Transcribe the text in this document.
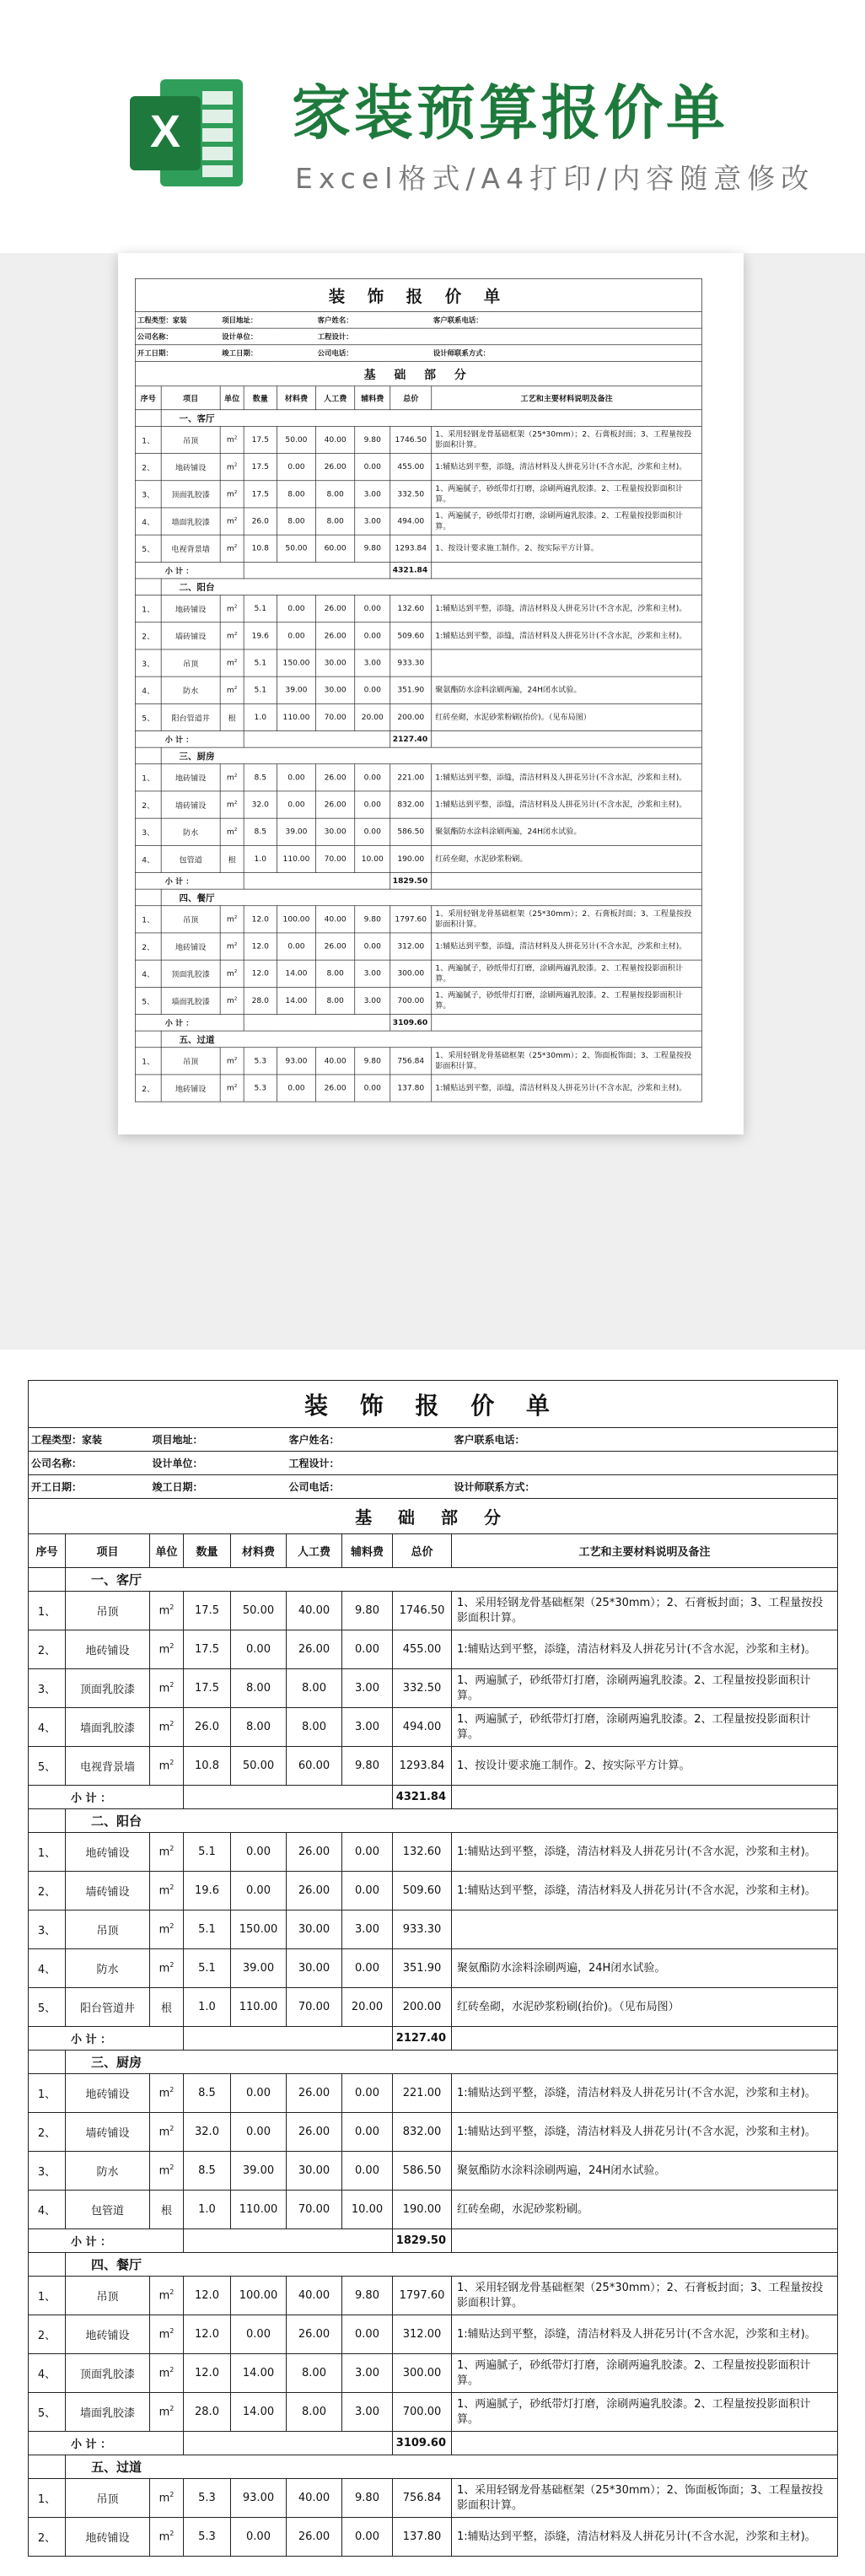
X 家装预算报价单
Excel格式/A4打印/内容随意修改
装 饰 报 价 单								
工程类型：家装		项目地址：			客户姓名：			客户联系电话：
公司名称：		设计单位：			工程设计：			
开工日期：		竣工日期：			公司电话：			设计师联系方式：
基 础 部 分								
序号	项目	单位	数量	材料费	人工费	辅料费	总价	工艺和主要材料说明及备注
	一、客厅							
1、	吊顶	$m^2$	17.5	50.00	40.00	9.80	1746.50	1、采用轻钢龙骨基础框架（25*30mm）；2、石膏板封面；3、工程量按投影面积计算。
2、	地砖铺设	$m^2$	17.5	0.00	26.00	0.00	455.00	1:辅贴达到平整，添缝，清洁材料及人拼花另计(不含水泥，沙浆和主材)。
3、	顶面乳胶漆	$m^2$	17.5	8.00	8.00	3.00	332.50	1、两遍腻子，砂纸带灯打磨，涂刷两遍乳胶漆。2、工程量按投影面积计算。
4、	墙面乳胶漆	$m^2$	26.0	8.00	8.00	3.00	494.00	1、两遍腻子，砂纸带灯打磨，涂刷两遍乳胶漆。2、工程量按投影面积计算。
5、	电视背景墙	$m^2$	10.8	50.00	60.00	9.80	1293.84	1、按设计要求施工制作。2、按实际平方计算。
小 计 ：							4321.84	
	二、阳台							
1、	地砖铺设	$m^2$	5.1	0.00	26.00	0.00	132.60	1:辅贴达到平整，添缝，清洁材料及人拼花另计(不含水泥，沙浆和主材)。
2、	墙砖铺设	$m^2$	19.6	0.00	26.00	0.00	509.60	1:辅贴达到平整，添缝，清洁材料及人拼花另计(不含水泥，沙浆和主材)。
3、	吊顶	$m^2$	5.1	150.00	30.00	3.00	933.30	
4、	防水	$m^2$	5.1	39.00	30.00	0.00	351.90	聚氨酯防水涂料涂刷两遍，24H闭水试验。
5、	阳台管道井	根	1.0	110.00	70.00	20.00	200.00	红砖垒砌，水泥砂浆粉刷(抬价)。（见布局图）
小 计 ：							2127.40	
	三、厨房							
1、	地砖铺设	$m^2$	8.5	0.00	26.00	0.00	221.00	1:辅贴达到平整，添缝，清洁材料及人拼花另计(不含水泥，沙浆和主材)。
2、	墙砖铺设	$m^2$	32.0	0.00	26.00	0.00	832.00	1:辅贴达到平整，添缝，清洁材料及人拼花另计(不含水泥，沙浆和主材)。
3、	防水	$m^2$	8.5	39.00	30.00	0.00	586.50	聚氨酯防水涂料涂刷两遍，24H闭水试验。
4、	包管道	根	1.0	110.00	70.00	10.00	190.00	红砖垒砌，水泥砂浆粉刷。
小 计 ：							1829.50	
	四、餐厅							
1、	吊顶	$m^2$	12.0	100.00	40.00	9.80	1797.60	1、采用轻钢龙骨基础框架（25*30mm）；2、石膏板封面；3、工程量按投影面积计算。
2、	地砖铺设	$m^2$	12.0	0.00	26.00	0.00	312.00	1:辅贴达到平整，添缝，清洁材料及人拼花另计(不含水泥，沙浆和主材)。
4、	顶面乳胶漆	$m^2$	12.0	14.00	8.00	3.00	300.00	1、两遍腻子，砂纸带灯打磨，涂刷两遍乳胶漆。2、工程量按投影面积计算。
5、	墙面乳胶漆	$m^2$	28.0	14.00	8.00	3.00	700.00	1、两遍腻子，砂纸带灯打磨，涂刷两遍乳胶漆。2、工程量按投影面积计算。
小 计 ：							3109.60	
	五、过道							
1、	吊顶	$m^2$	5.3	93.00	40.00	9.80	756.84	1、采用轻钢龙骨基础框架（25*30mm）；2、饰面板饰面；3、工程量按投影面积计算。
2、	地砖铺设	$m^2$	5.3	0.00	26.00	0.00	137.80	1:辅贴达到平整，添缝，清洁材料及人拼花另计(不含水泥，沙浆和主材)。
装 饰 报 价 单								
工程类型：家装		项目地址：			客户姓名：			客户联系电话：
公司名称：		设计单位：			工程设计：			
开工日期：		竣工日期：			公司电话：			设计师联系方式：
基 础 部 分								
序号	项目	单位	数量	材料费	人工费	辅料费	总价	工艺和主要材料说明及备注
	一、客厅							
1、	吊顶	$m^2$	17.5	50.00	40.00	9.80	1746.50	1、采用轻钢龙骨基础框架（25*30mm）；2、石膏板封面；3、工程量按投影面积计算。
2、	地砖铺设	$m^2$	17.5	0.00	26.00	0.00	455.00	1:辅贴达到平整，添缝，清洁材料及人拼花另计(不含水泥，沙浆和主材)。
3、	顶面乳胶漆	$m^2$	17.5	8.00	8.00	3.00	332.50	1、两遍腻子，砂纸带灯打磨，涂刷两遍乳胶漆。2、工程量按投影面积计算。
4、	墙面乳胶漆	$m^2$	26.0	8.00	8.00	3.00	494.00	1、两遍腻子，砂纸带灯打磨，涂刷两遍乳胶漆。2、工程量按投影面积计算。
5、	电视背景墙	$m^2$	10.8	50.00	60.00	9.80	1293.84	1、按设计要求施工制作。2、按实际平方计算。
小 计 ：							4321.84	
	二、阳台							
1、	地砖铺设	$m^2$	5.1	0.00	26.00	0.00	132.60	1:辅贴达到平整，添缝，清洁材料及人拼花另计(不含水泥，沙浆和主材)。
2、	墙砖铺设	$m^2$	19.6	0.00	26.00	0.00	509.60	1:辅贴达到平整，添缝，清洁材料及人拼花另计(不含水泥，沙浆和主材)。
3、	吊顶	$m^2$	5.1	150.00	30.00	3.00	933.30	
4、	防水	$m^2$	5.1	39.00	30.00	0.00	351.90	聚氨酯防水涂料涂刷两遍，24H闭水试验。
5、	阳台管道井	根	1.0	110.00	70.00	20.00	200.00	红砖垒砌，水泥砂浆粉刷(抬价)。（见布局图）
小 计 ：							2127.40	
	三、厨房							
1、	地砖铺设	$m^2$	8.5	0.00	26.00	0.00	221.00	1:辅贴达到平整，添缝，清洁材料及人拼花另计(不含水泥，沙浆和主材)。
2、	墙砖铺设	$m^2$	32.0	0.00	26.00	0.00	832.00	1:辅贴达到平整，添缝，清洁材料及人拼花另计(不含水泥，沙浆和主材)。
3、	防水	$m^2$	8.5	39.00	30.00	0.00	586.50	聚氨酯防水涂料涂刷两遍，24H闭水试验。
4、	包管道	根	1.0	110.00	70.00	10.00	190.00	红砖垒砌，水泥砂浆粉刷。
小 计 ：							1829.50	
	四、餐厅							
1、	吊顶	$m^2$	12.0	100.00	40.00	9.80	1797.60	1、采用轻钢龙骨基础框架（25*30mm）；2、石膏板封面；3、工程量按投影面积计算。
2、	地砖铺设	$m^2$	12.0	0.00	26.00	0.00	312.00	1:辅贴达到平整，添缝，清洁材料及人拼花另计(不含水泥，沙浆和主材)。
4、	顶面乳胶漆	$m^2$	12.0	14.00	8.00	3.00	300.00	1、两遍腻子，砂纸带灯打磨，涂刷两遍乳胶漆。2、工程量按投影面积计算。
5、	墙面乳胶漆	$m^2$	28.0	14.00	8.00	3.00	700.00	1、两遍腻子，砂纸带灯打磨，涂刷两遍乳胶漆。2、工程量按投影面积计算。
小 计 ：							3109.60	
	五、过道							
1、	吊顶	$m^2$	5.3	93.00	40.00	9.80	756.84	1、采用轻钢龙骨基础框架（25*30mm）；2、饰面板饰面；3、工程量按投影面积计算。
2、	地砖铺设	$m^2$	5.3	0.00	26.00	0.00	137.80	1:辅贴达到平整，添缝，清洁材料及人拼花另计(不含水泥，沙浆和主材)。
